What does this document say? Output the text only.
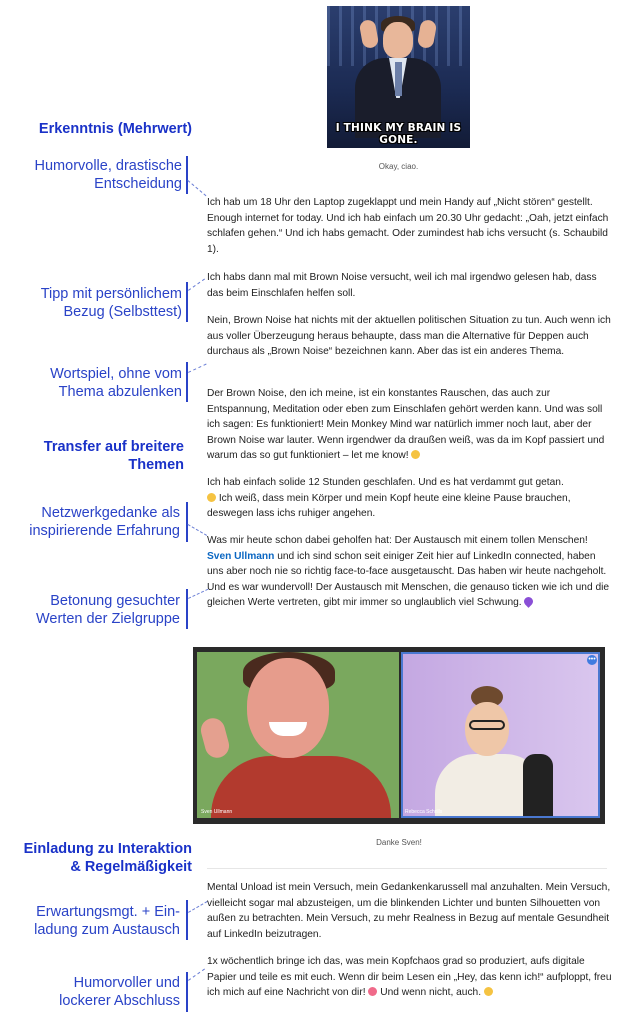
I THINK MY BRAIN IS GONE.
Okay, ciao.
Erkenntnis (Mehrwert)
Humorvolle, drastische
Entscheidung
Tipp mit persönlichem
Bezug (Selbsttest)
Wortspiel, ohne vom
Thema abzulenken
Transfer auf breitere
Themen
Netzwerkgedanke als
inspirierende Erfahrung
Betonung gesuchter
Werten der Zielgruppe
Einladung zu Interaktion
& Regelmäßigkeit
Erwartungsmgt. + Ein-
ladung zum Austausch
Humorvoller und
lockerer Abschluss
Ich hab um 18 Uhr den Laptop zugeklappt und mein Handy auf „Nicht stören“ gestellt. Enough internet for today. Und ich hab einfach um 20.30 Uhr gedacht: „Oah, jetzt einfach schlafen gehen.“ Und ich habs gemacht. Oder zumindest hab ichs versucht (s. Schaubild 1).
Ich habs dann mal mit Brown Noise versucht, weil ich mal irgendwo gelesen hab, dass das beim Einschlafen helfen soll.
Nein, Brown Noise hat nichts mit der aktuellen politischen Situation zu tun. Auch wenn ich aus voller Überzeugung heraus behaupte, dass man die Alternative für Deppen auch durchaus als „Brown Noise“ bezeichnen kann. Aber das ist ein anderes Thema.
Der Brown Noise, den ich meine, ist ein konstantes Rauschen, das auch zur Entspannung, Meditation oder eben zum Einschlafen gehört werden kann. Und was soll ich sagen: Es funktioniert! Mein Monkey Mind war natürlich immer noch laut, aber der Brown Noise war lauter. Wenn irgendwer da draußen weiß, was da im Kopf passiert und warum das so gut funktioniert – let me know!
Ich hab einfach solide 12 Stunden geschlafen. Und es hat verdammt gut getan.
Ich weiß, dass mein Körper und mein Kopf heute eine kleine Pause brauchen, deswegen lass ichs ruhiger angehen.
Was mir heute schon dabei geholfen hat: Der Austausch mit einem tollen Menschen! Sven Ullmann und ich sind schon seit einiger Zeit hier auf LinkedIn connected, haben uns aber noch nie so richtig face-to-face ausgetauscht. Das haben wir heute nachgeholt. Und es war wundervoll! Der Austausch mit Menschen, die genauso ticken wie ich und die gleichen Werte vertreten, gibt mir immer so unglaublich viel Schwung.
Sven Ullmann	Rebecca Schrills
•••
Danke Sven!
Mental Unload ist mein Versuch, mein Gedankenkarussell mal anzuhalten. Mein Versuch, vielleicht sogar mal abzusteigen, um die blinkenden Lichter und bunten Silhouetten von außen zu betrachten. Mein Versuch, zu mehr Realness in Bezug auf mentale Gesundheit auf LinkedIn beizutragen.
1x wöchentlich bringe ich das, was mein Kopfchaos grad so produziert, aufs digitale Papier und teile es mit euch. Wenn dir beim Lesen ein „Hey, das kenn ich!“ aufploppt, freu ich mich auf eine Nachricht von dir! Und wenn nicht, auch.
